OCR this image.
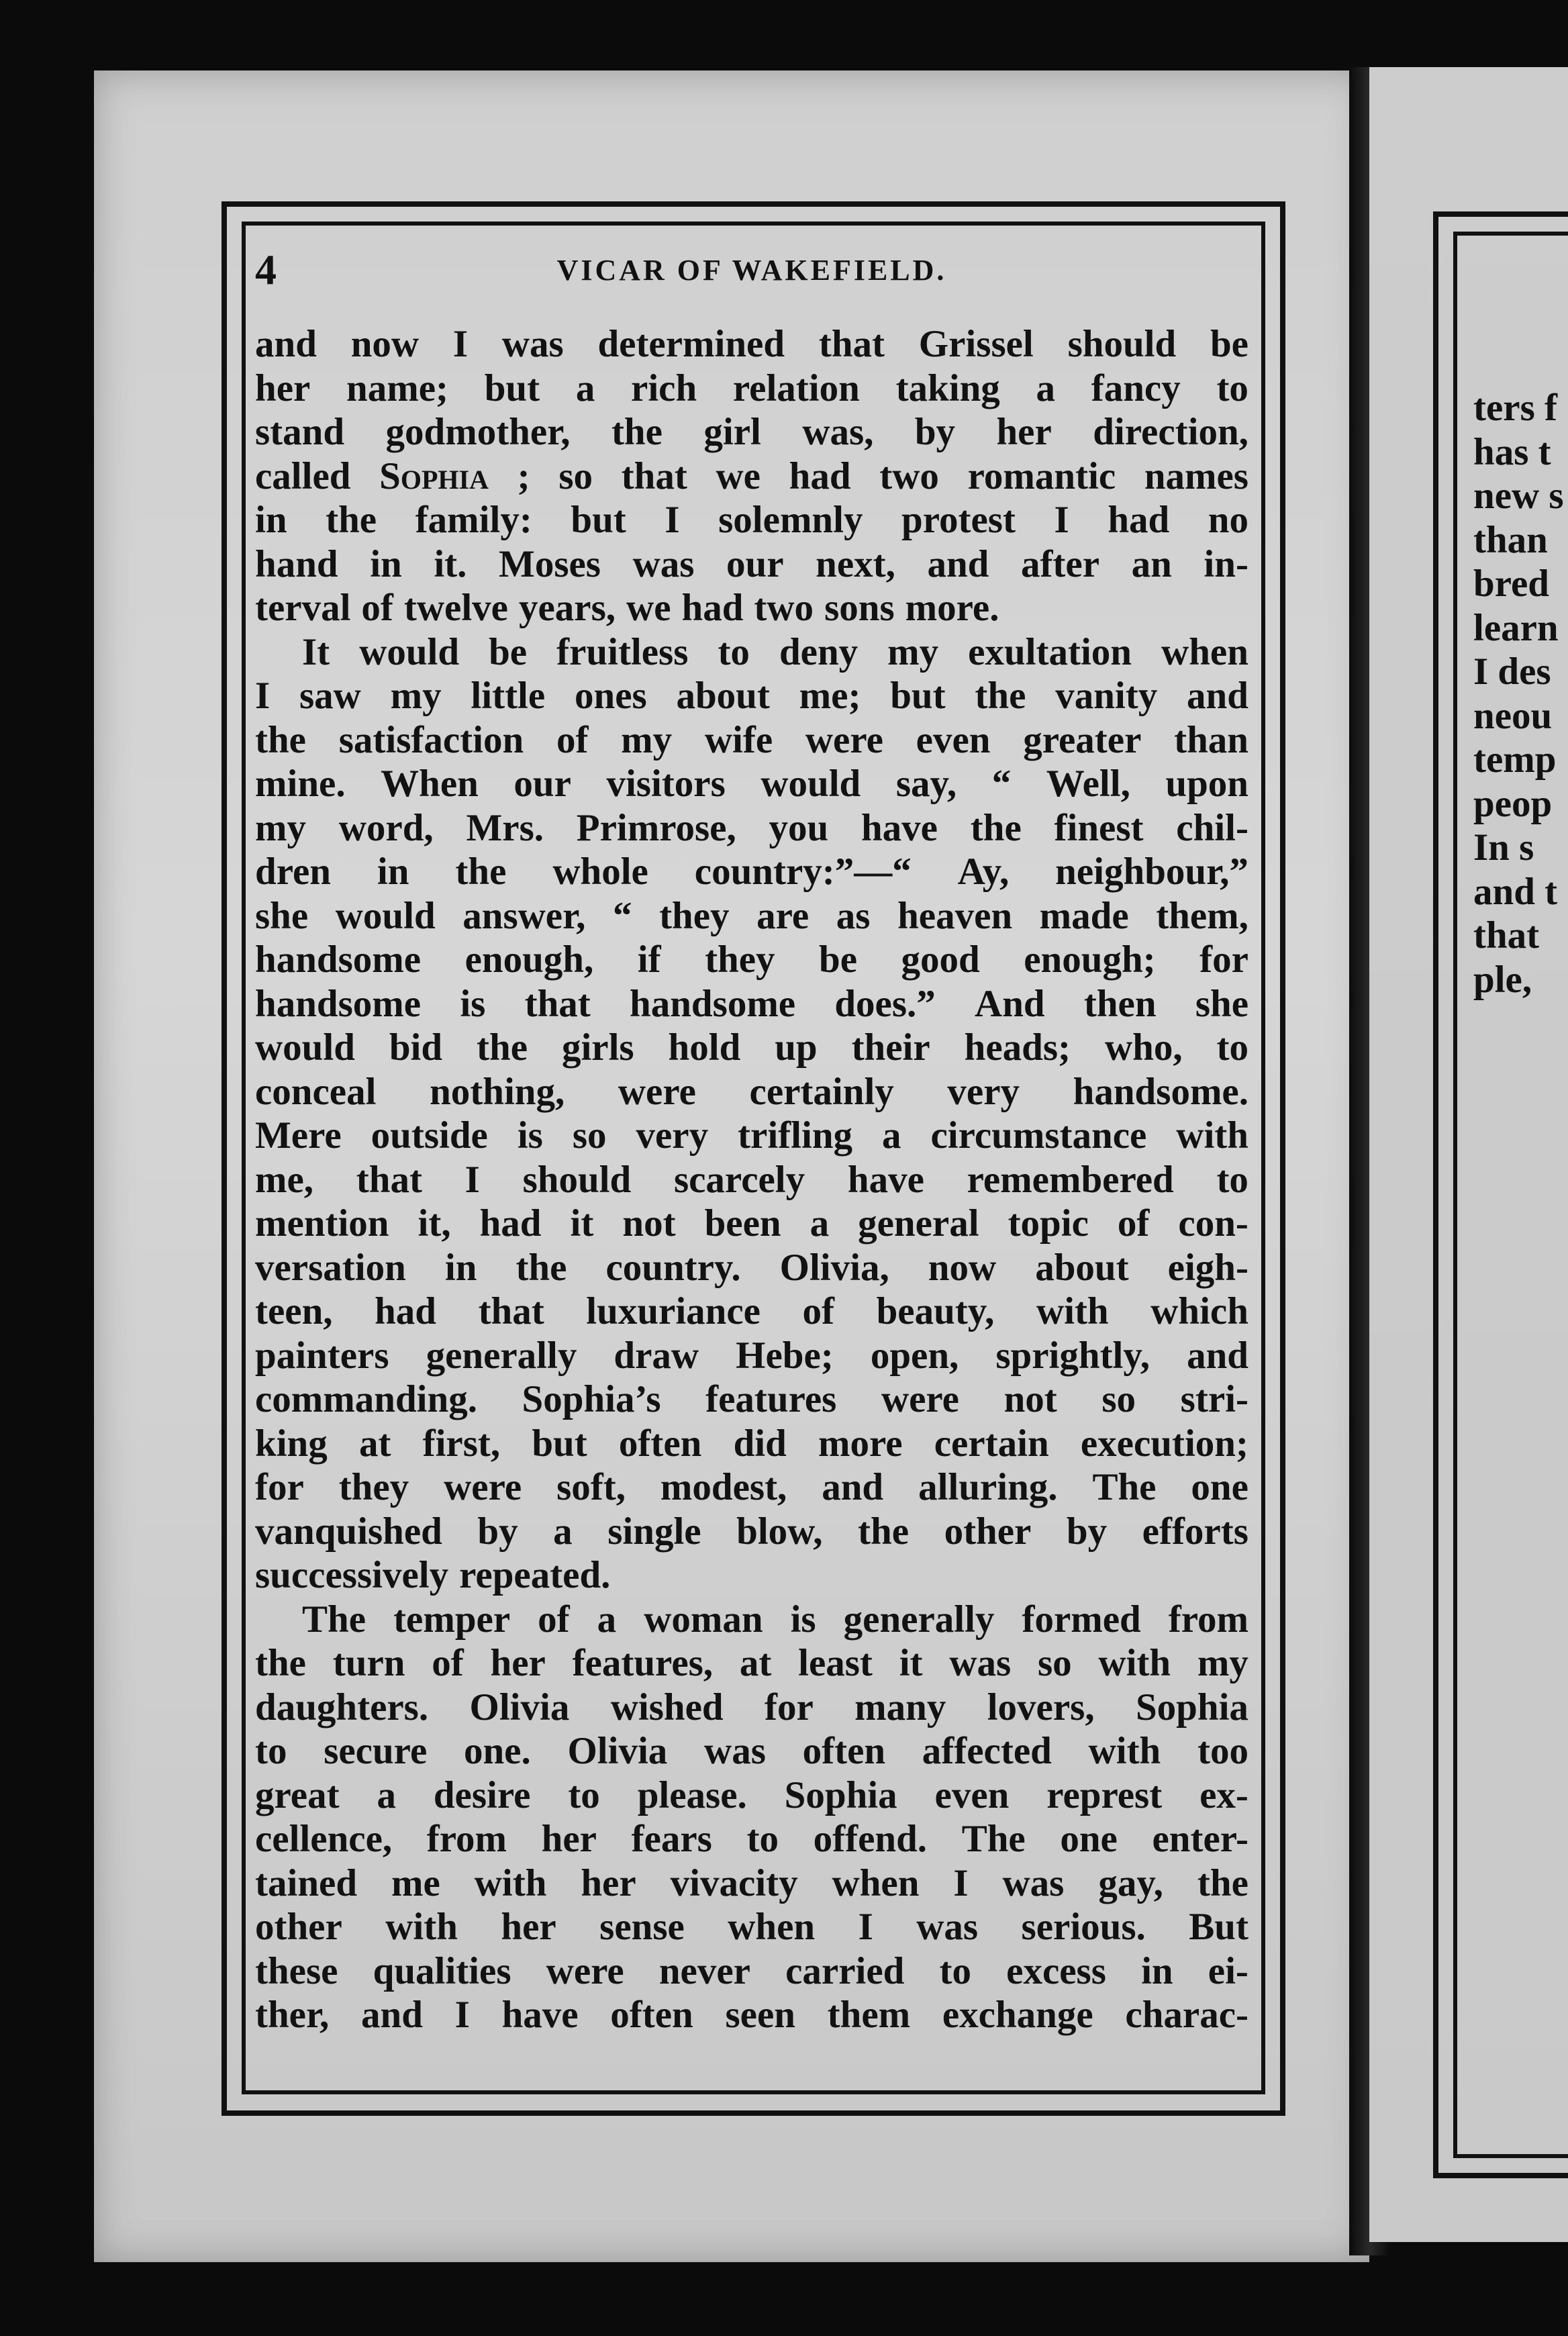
4	VICAR OF WAKEFIELD.
and now I was determined that Grissel should be
her name; but a rich relation taking a fancy to
stand godmother, the girl was, by her direction,
called Sophia ; so that we had two romantic names
in the family: but I solemnly protest I had no
hand in it. Moses was our next, and after an in-
terval of twelve years, we had two sons more.
It would be fruitless to deny my exultation when
I saw my little ones about me; but the vanity and
the satisfaction of my wife were even greater than
mine. When our visitors would say, “ Well, upon
my word, Mrs. Primrose, you have the finest chil-
dren in the whole country:”—“ Ay, neighbour,”
she would answer, “ they are as heaven made them,
handsome enough, if they be good enough; for
handsome is that handsome does.” And then she
would bid the girls hold up their heads; who, to
conceal nothing, were certainly very handsome.
Mere outside is so very trifling a circumstance with
me, that I should scarcely have remembered to
mention it, had it not been a general topic of con-
versation in the country. Olivia, now about eigh-
teen, had that luxuriance of beauty, with which
painters generally draw Hebe; open, sprightly, and
commanding. Sophia’s features were not so stri-
king at first, but often did more certain execution;
for they were soft, modest, and alluring. The one
vanquished by a single blow, the other by efforts
successively repeated.
The temper of a woman is generally formed from
the turn of her features, at least it was so with my
daughters. Olivia wished for many lovers, Sophia
to secure one. Olivia was often affected with too
great a desire to please. Sophia even represt ex-
cellence, from her fears to offend. The one enter-
tained me with her vivacity when I was gay, the
other with her sense when I was serious. But
these qualities were never carried to excess in ei-
ther, and I have often seen them exchange charac-
ters f
has t
new s
than
bred
learn
I des
neou
temp
peop
In s
and t
that
ple,
